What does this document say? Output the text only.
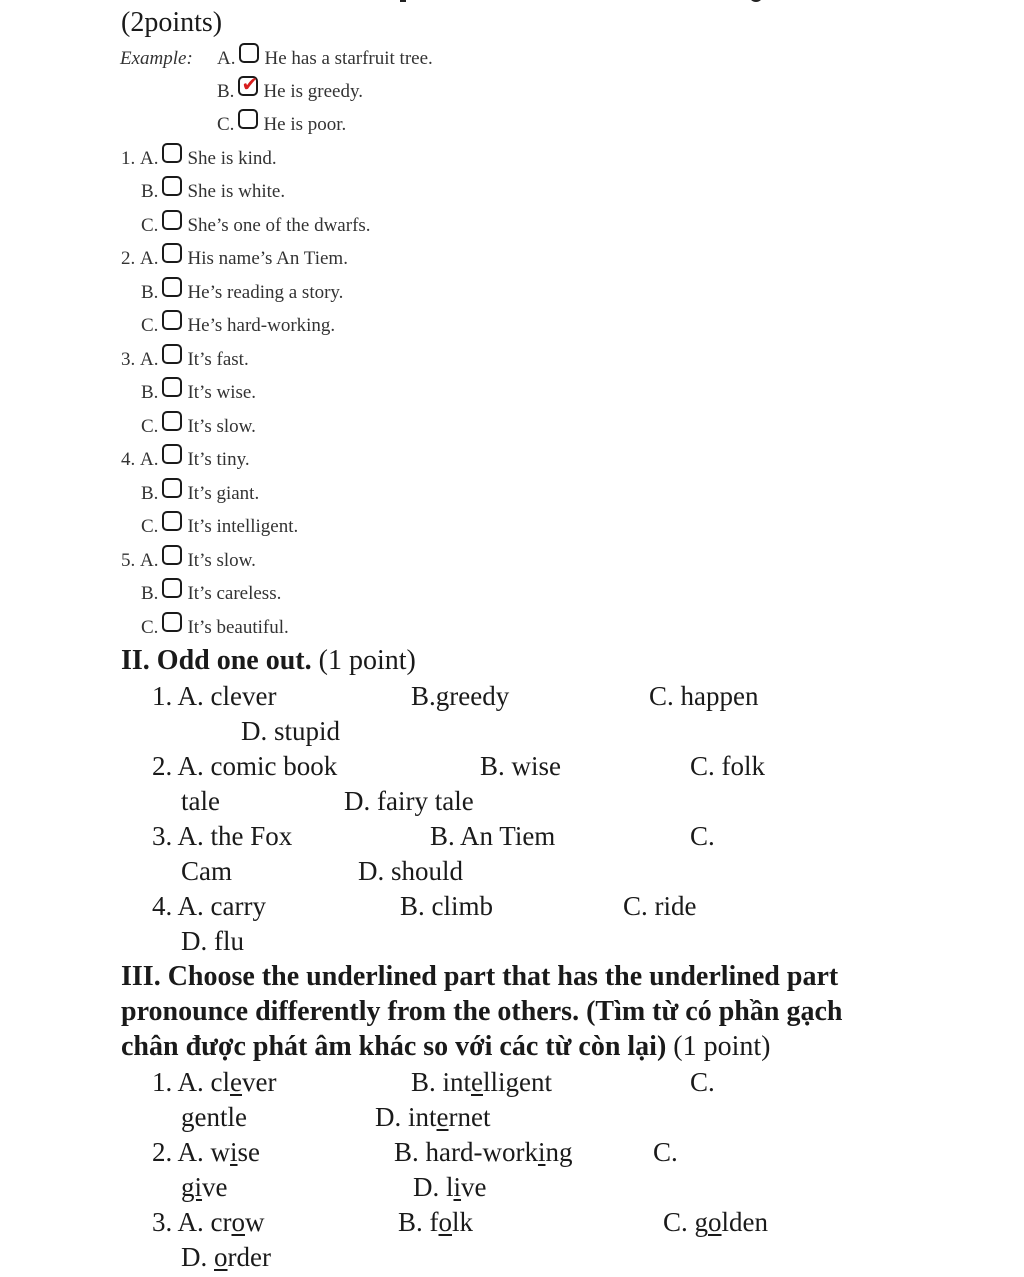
(2points)
Example: A. He has a starfruit tree.
B.
✔ He is greedy.
C. He is poor.
1.
A. She is kind.
B. She is white.
C. She’s one of the dwarfs.
2.
A. His name’s An Tiem.
B. He’s reading a story.
C. He’s hard-working.
3.
A. It’s fast.
B. It’s wise.
C. It’s slow.
4.
A. It’s tiny.
B. It’s giant.
C. It’s intelligent.
5.
A. It’s slow.
B. It’s careless.
C. It’s beautiful.
II. Odd one out. (1 point)
1. A. clever	B.greedy	C. happen
D. stupid
2. A. comic book	B. wise	C. folk
tale	D. fairy tale
3. A. the Fox	B. An Tiem	C.
Cam	D. should
4. A. carry	B. climb	C. ride
D. flu
III. Choose the underlined part that has the underlined part
pronounce differently from the others. (Tìm từ có phần gạch
chân được phát âm khác so với các từ còn lại) (1 point)
1. A. clever	B. intelligent	C.
gentle	D. internet
2. A. wise	B. hard-working	C.
give	D. live
3. A. crow	B. folk	C. golden
D. order
